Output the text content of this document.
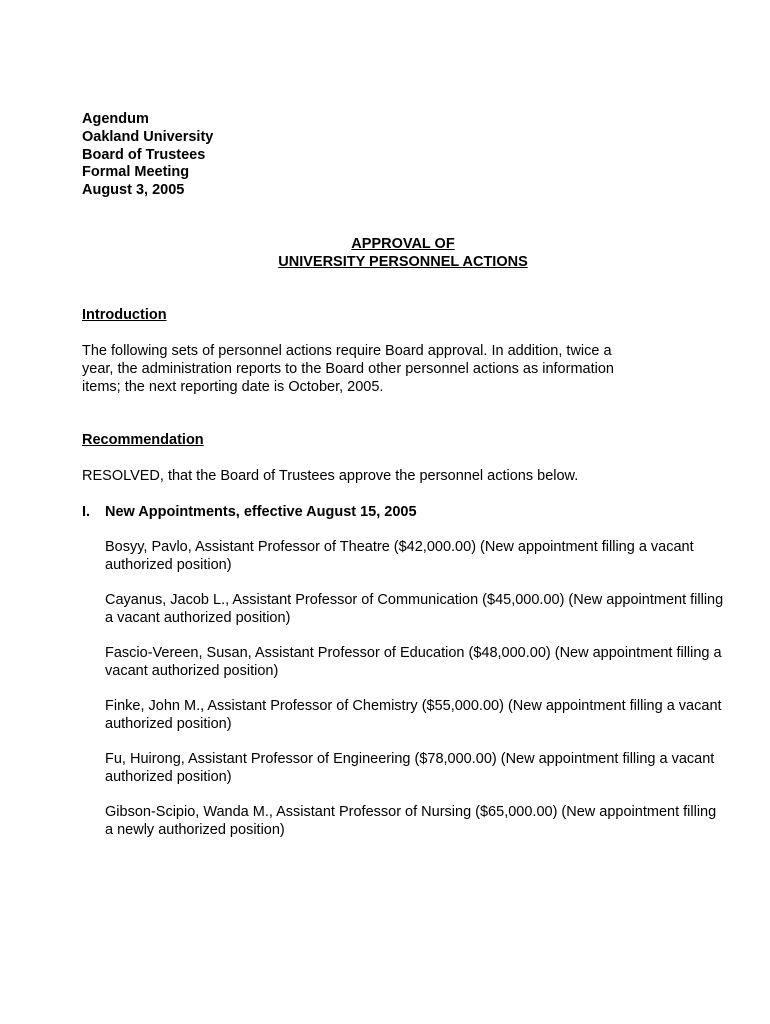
Agendum
Oakland University
Board of Trustees
Formal Meeting
August 3, 2005
APPROVAL OF
UNIVERSITY PERSONNEL ACTIONS
Introduction
The following sets of personnel actions require Board approval. In addition, twice a year, the administration reports to the Board other personnel actions as information items; the next reporting date is October, 2005.
Recommendation
RESOLVED, that the Board of Trustees approve the personnel actions below.
I. New Appointments, effective August 15, 2005
Bosyy, Pavlo, Assistant Professor of Theatre ($42,000.00) (New appointment filling a vacant authorized position)
Cayanus, Jacob L., Assistant Professor of Communication ($45,000.00) (New appointment filling a vacant authorized position)
Fascio-Vereen, Susan, Assistant Professor of Education ($48,000.00) (New appointment filling a vacant authorized position)
Finke, John M., Assistant Professor of Chemistry ($55,000.00) (New appointment filling a vacant authorized position)
Fu, Huirong, Assistant Professor of Engineering ($78,000.00) (New appointment filling a vacant authorized position)
Gibson-Scipio, Wanda M., Assistant Professor of Nursing ($65,000.00) (New appointment filling a newly authorized position)
